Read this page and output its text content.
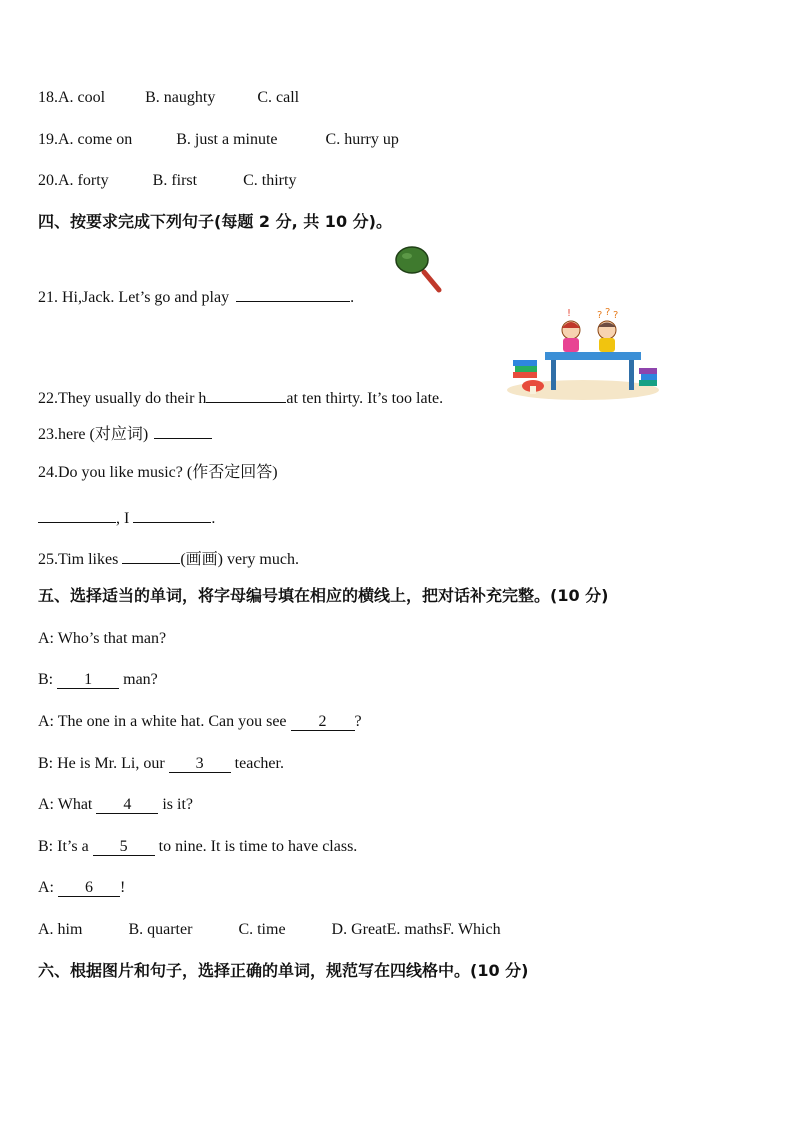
18.A. cool	B. naughty	C. call
19.A. come on	B. just a minute	C. hurry up
20.A. forty	B. first	C. thirty
四、按要求完成下列句子(每题 2 分, 共 10 分)。
21. Hi,Jack. Let’s go and play	.
? ? ?
!
22.They usually do their h	at ten thirty. It’s too late.
23.here (对应词)
24.Do you like music? (作否定回答)
, I	.
25.Tim likes	(画画) very much.
五、选择适当的单词，将字母编号填在相应的横线上，把对话补充完整。(10 分)
A: Who’s that man?
B: 1 man?
A: The one in a white hat. Can you see 2 ?
B: He is Mr. Li, our 3 teacher.
A: What 4 is it?
B: It’s a 5 to nine. It is time to have class.
A: 6 !
A. him	B. quarter	C. time	D. GreatE. mathsF. Which
六、根据图片和句子，选择正确的单词，规范写在四线格中。(10 分)
